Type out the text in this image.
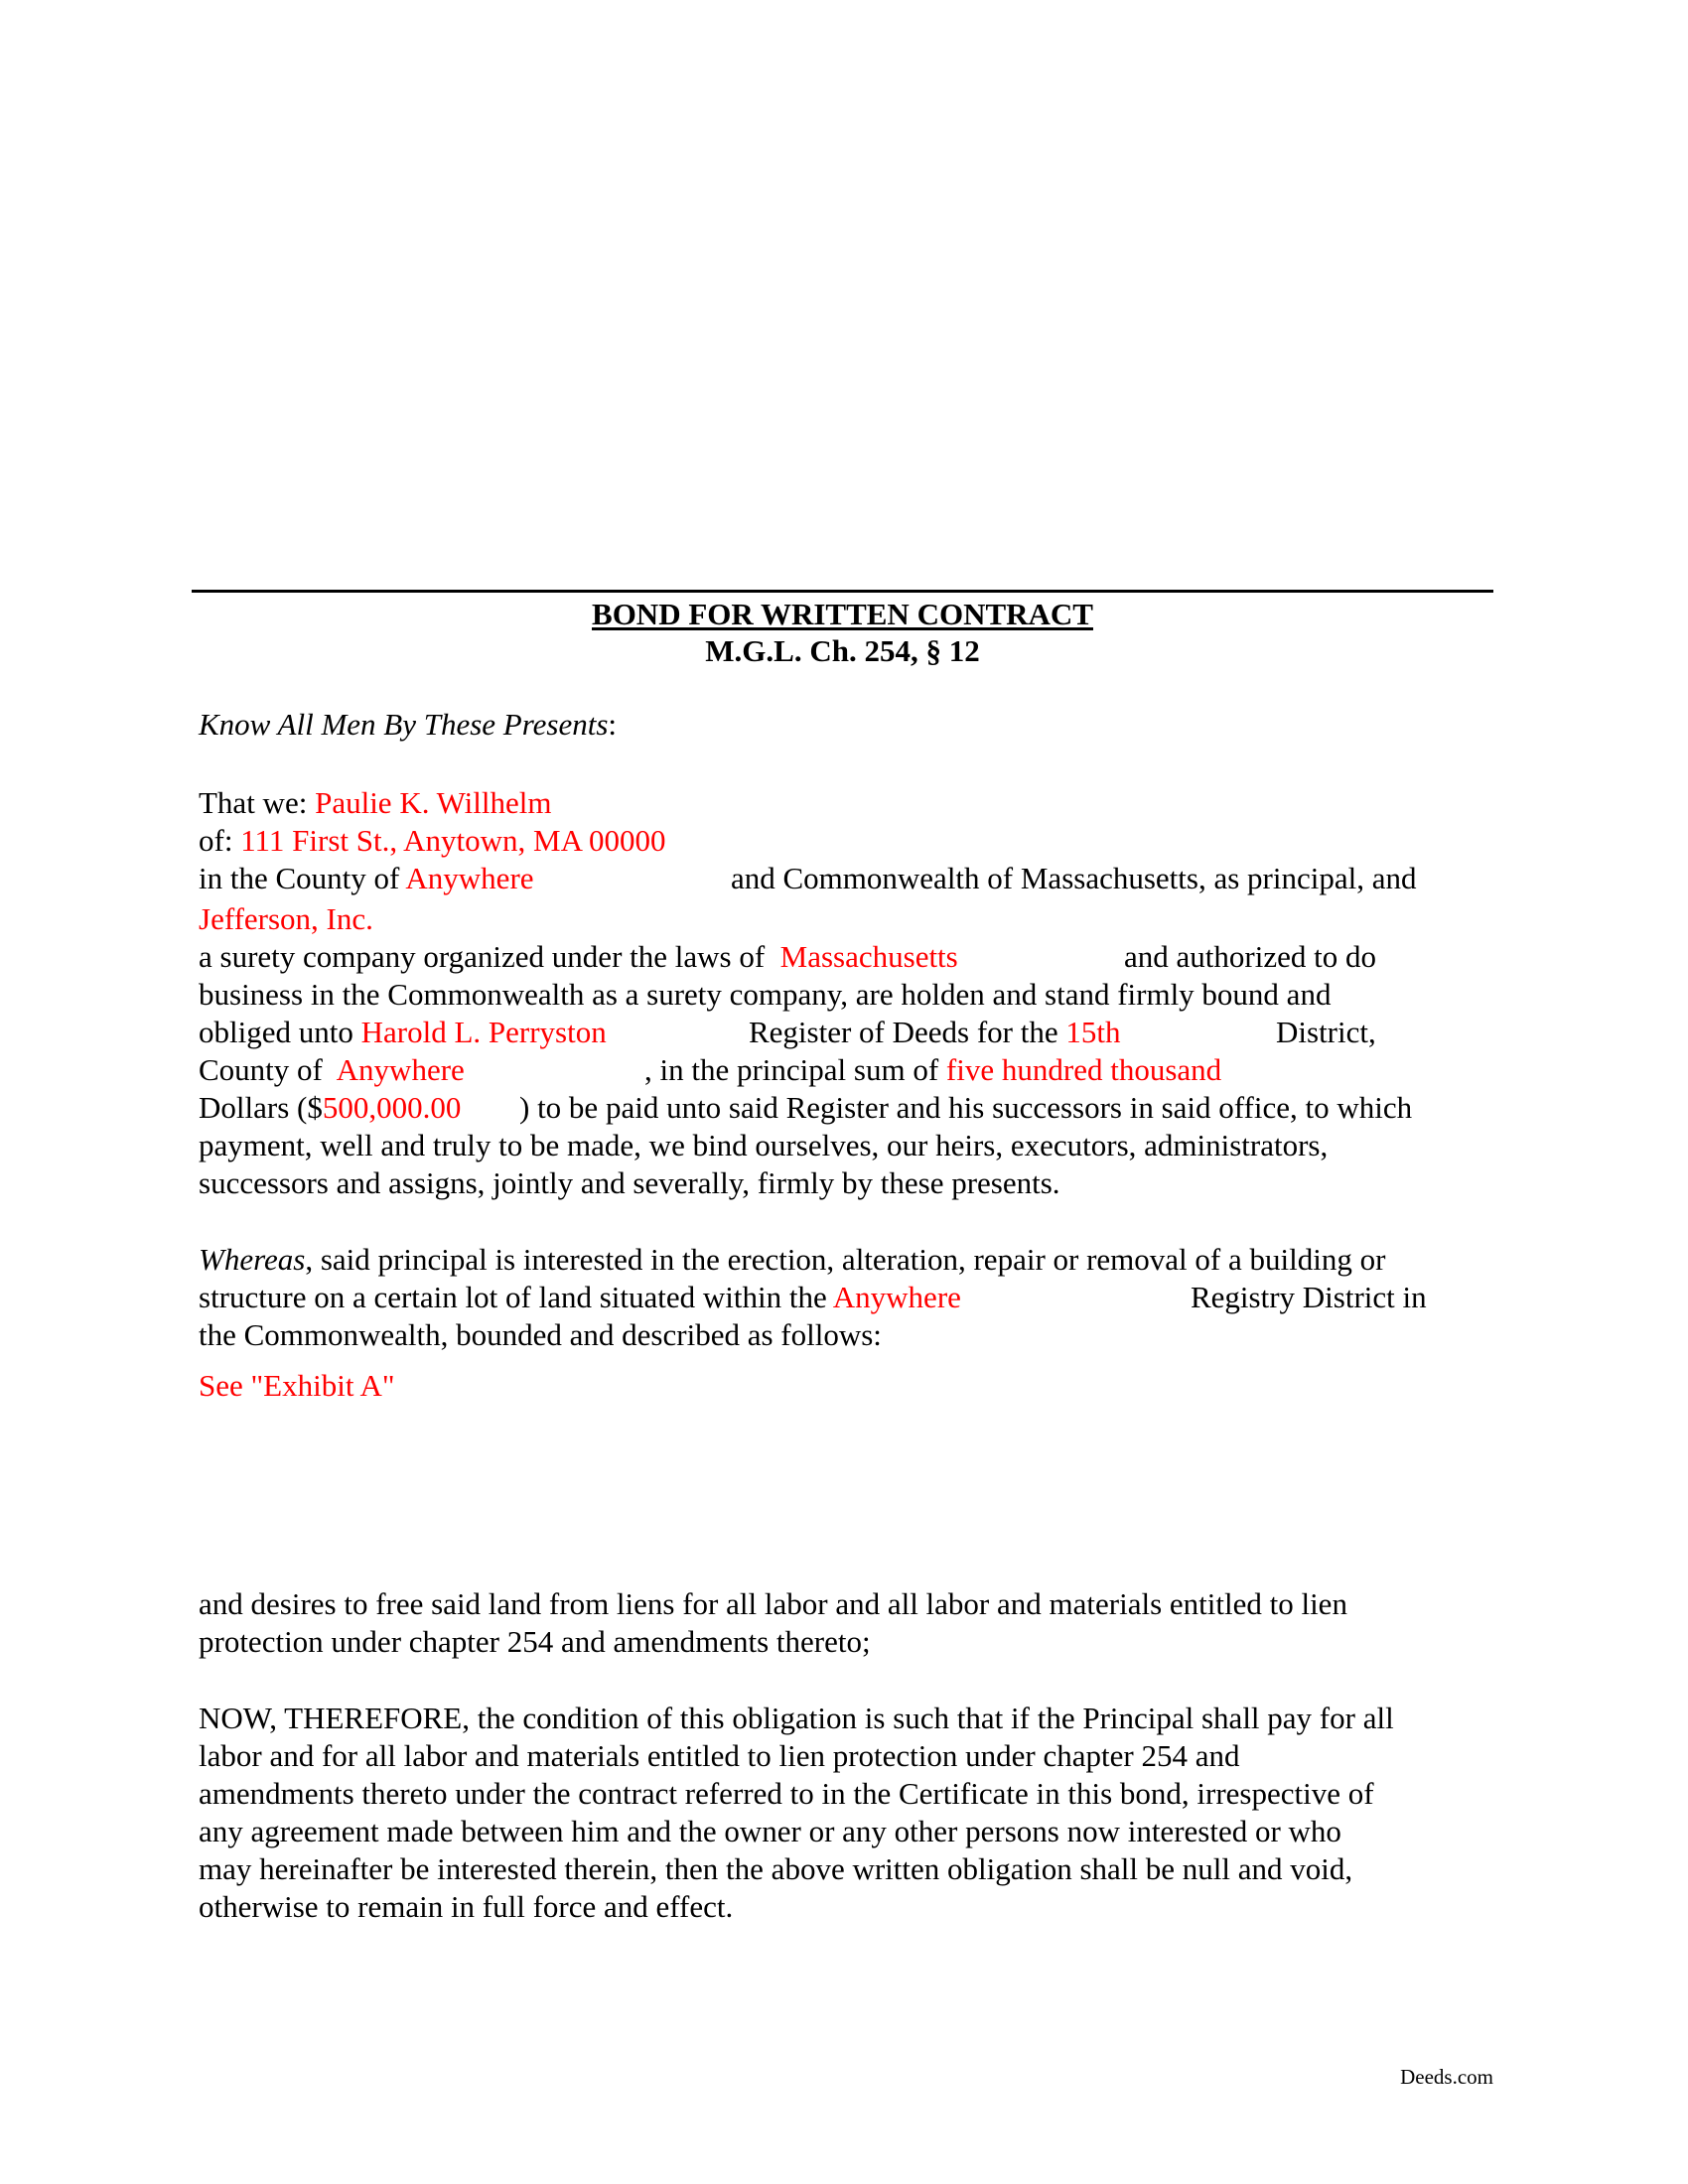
BOND FOR WRITTEN CONTRACT
M.G.L. Ch. 254, § 12
Know All Men By These Presents:
That we: Paulie K. Willhelm
of: 111 First St., Anytown, MA 00000
in the County of Anywhere	and Commonwealth of Massachusetts, as principal, and
Jefferson, Inc.
a surety company organized under the laws of Massachusetts	and authorized to do
business in the Commonwealth as a surety company, are holden and stand firmly bound and
obliged unto Harold L. Perryston	Register of Deeds for the 15th	District,
County of Anywhere	, in the principal sum of five hundred thousand
Dollars ($500,000.00 ) to be paid unto said Register and his successors in said office, to which
payment, well and truly to be made, we bind ourselves, our heirs, executors, administrators,
successors and assigns, jointly and severally, firmly by these presents.
Whereas, said principal is interested in the erection, alteration, repair or removal of a building or
structure on a certain lot of land situated within the Anywhere	Registry District in
the Commonwealth, bounded and described as follows:
See "Exhibit A"
and desires to free said land from liens for all labor and all labor and materials entitled to lien
protection under chapter 254 and amendments thereto;
NOW, THEREFORE, the condition of this obligation is such that if the Principal shall pay for all
labor and for all labor and materials entitled to lien protection under chapter 254 and
amendments thereto under the contract referred to in the Certificate in this bond, irrespective of
any agreement made between him and the owner or any other persons now interested or who
may hereinafter be interested therein, then the above written obligation shall be null and void,
otherwise to remain in full force and effect.
Deeds.com
